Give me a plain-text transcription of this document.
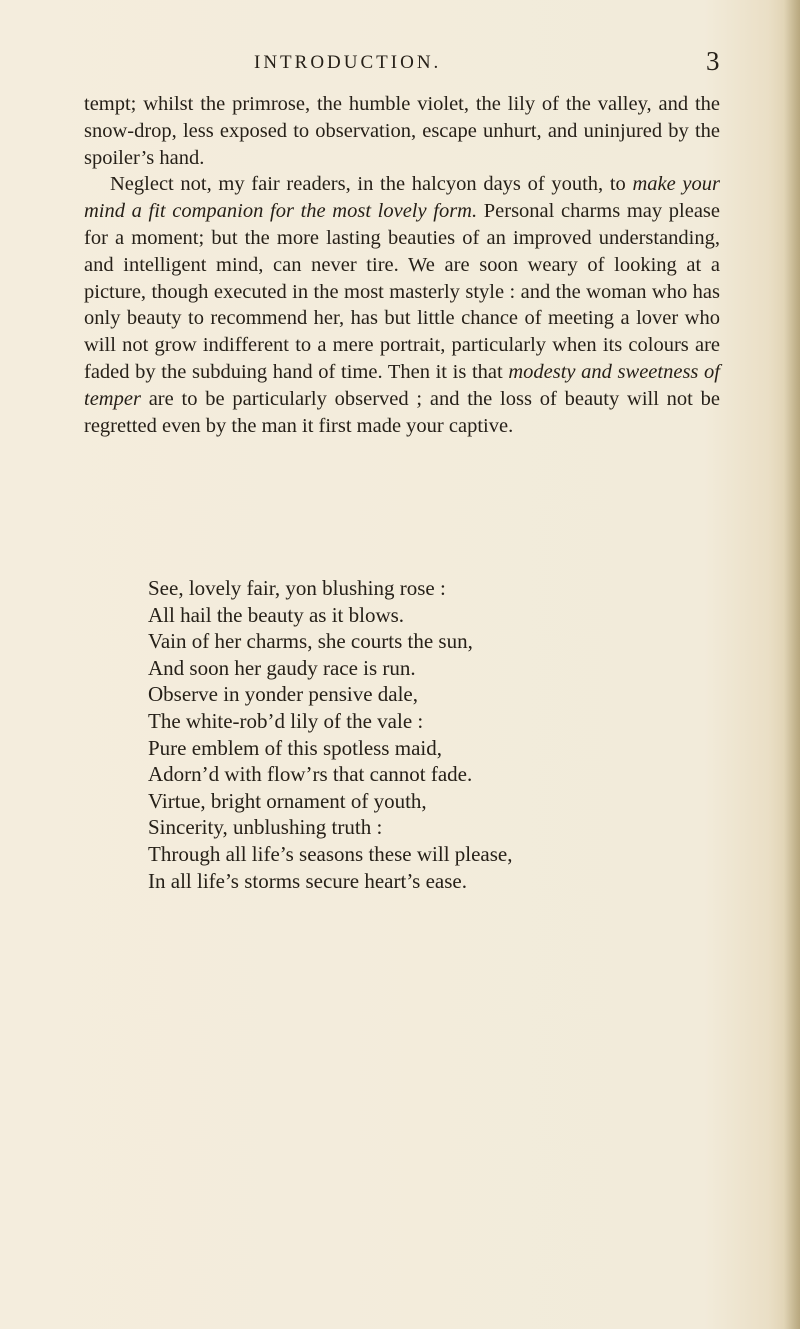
INTRODUCTION.	3

tempt; whilst the primrose, the humble violet, the lily of the valley, and the snow-drop, less exposed to observation, escape unhurt, and uninjured by the spoiler’s hand.

Neglect not, my fair readers, in the halcyon days of youth, to make your mind a fit companion for the most lovely form. Personal charms may please for a moment; but the more lasting beauties of an improved understanding, and intelligent mind, can never tire. We are soon weary of looking at a picture, though executed in the most masterly style : and the woman who has only beauty to recommend her, has but little chance of meeting a lover who will not grow indifferent to a mere portrait, particularly when its colours are faded by the subduing hand of time. Then it is that modesty and sweetness of temper are to be particularly observed ; and the loss of beauty will not be regretted even by the man it first made your captive.

See, lovely fair, yon blushing rose :
All hail the beauty as it blows.
Vain of her charms, she courts the sun,
And soon her gaudy race is run.
Observe in yonder pensive dale,
The white-rob’d lily of the vale :
Pure emblem of this spotless maid,
Adorn’d with flow’rs that cannot fade.
Virtue, bright ornament of youth,
Sincerity, unblushing truth :
Through all life’s seasons these will please,
In all life’s storms secure heart’s ease.
